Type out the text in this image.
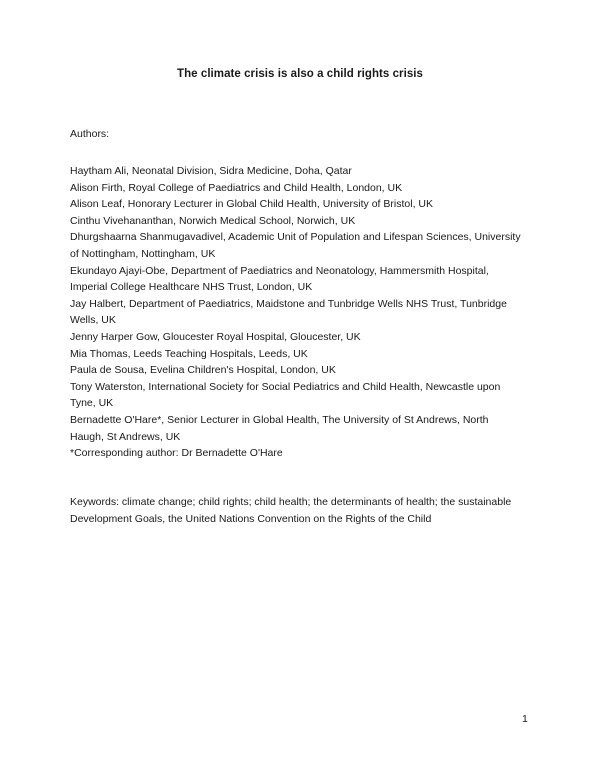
The climate crisis is also a child rights crisis
Authors:
Haytham Ali, Neonatal Division, Sidra Medicine, Doha, Qatar
Alison Firth, Royal College of Paediatrics and Child Health, London, UK
Alison Leaf, Honorary Lecturer in Global Child Health, University of Bristol, UK
Cinthu Vivehananthan, Norwich Medical School, Norwich, UK
Dhurgshaarna Shanmugavadivel, Academic Unit of Population and Lifespan Sciences, University
of Nottingham, Nottingham, UK
Ekundayo Ajayi-Obe, Department of Paediatrics and Neonatology, Hammersmith Hospital,
Imperial College Healthcare NHS Trust, London, UK
Jay Halbert, Department of Paediatrics, Maidstone and Tunbridge Wells NHS Trust, Tunbridge
Wells, UK
Jenny Harper Gow, Gloucester Royal Hospital, Gloucester, UK
Mia Thomas, Leeds Teaching Hospitals, Leeds, UK
Paula de Sousa, Evelina Children's Hospital, London, UK
Tony Waterston, International Society for Social Pediatrics and Child Health, Newcastle upon
Tyne, UK
Bernadette O'Hare*, Senior Lecturer in Global Health, The University of St Andrews, North
Haugh, St Andrews, UK
*Corresponding author: Dr Bernadette O'Hare
Keywords: climate change; child rights; child health; the determinants of health; the sustainable
Development Goals, the United Nations Convention on the Rights of the Child
1
